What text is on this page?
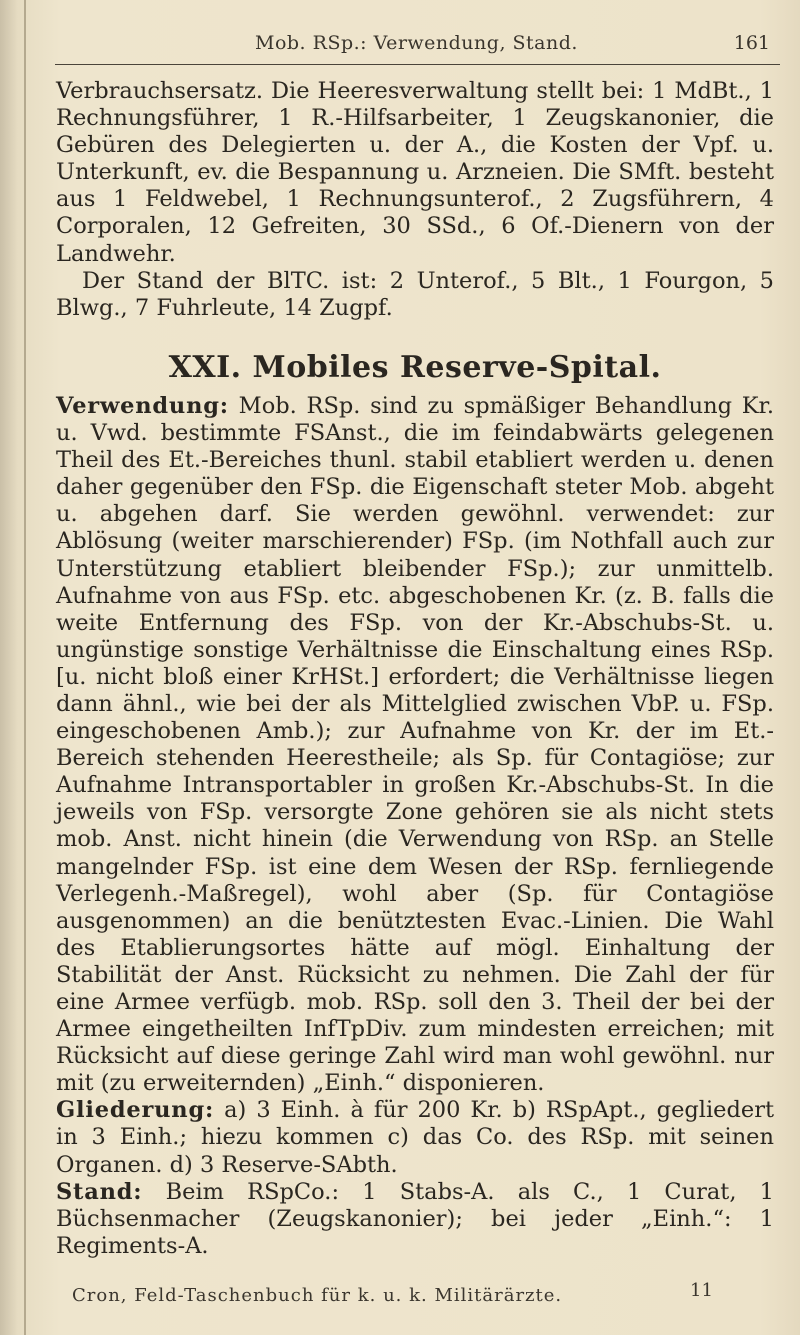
Mob. RSp.: Verwendung, Stand.	161

Verbrauchsersatz. Die Heeresverwaltung stellt bei: 1 MdBt., 1 Rechnungsführer, 1 R.-Hilfsarbeiter, 1 Zeugskanonier, die Gebüren des Delegierten u. der A., die Kosten der Vpf. u. Unterkunft, ev. die Bespannung u. Arzneien. Die SMft. besteht aus 1 Feldwebel, 1 Rechnungsunterof., 2 Zugsführern, 4 Corporalen, 12 Gefreiten, 30 SSd., 6 Of.-Dienern von der Landwehr.

Der Stand der BlTC. ist: 2 Unterof., 5 Blt., 1 Fourgon, 5 Blwg., 7 Fuhrleute, 14 Zugpf.

XXI. Mobiles Reserve-Spital.

Verwendung: Mob. RSp. sind zu spmäßiger Behandlung Kr. u. Vwd. bestimmte FSAnst., die im feindabwärts gelegenen Theil des Et.-Bereiches thunl. stabil etabliert werden u. denen daher gegenüber den FSp. die Eigenschaft steter Mob. abgeht u. abgehen darf. Sie werden gewöhnl. verwendet: zur Ablösung (weiter marschierender) FSp. (im Nothfall auch zur Unterstützung etabliert bleibender FSp.); zur unmittelb. Aufnahme von aus FSp. etc. abgeschobenen Kr. (z. B. falls die weite Entfernung des FSp. von der Kr.-Abschubs-St. u. ungünstige sonstige Verhältnisse die Einschaltung eines RSp. [u. nicht bloß einer KrHSt.] erfordert; die Verhältnisse liegen dann ähnl., wie bei der als Mittelglied zwischen VbP. u. FSp. eingeschobenen Amb.); zur Aufnahme von Kr. der im Et.-Bereich stehenden Heerestheile; als Sp. für Contagiöse; zur Aufnahme Intransportabler in großen Kr.-Abschubs-St. In die jeweils von FSp. versorgte Zone gehören sie als nicht stets mob. Anst. nicht hinein (die Verwendung von RSp. an Stelle mangelnder FSp. ist eine dem Wesen der RSp. fernliegende Verlegenh.-Maßregel), wohl aber (Sp. für Contagiöse ausgenommen) an die benütztesten Evac.-Linien. Die Wahl des Etablierungsortes hätte auf mögl. Einhaltung der Stabilität der Anst. Rücksicht zu nehmen. Die Zahl der für eine Armee verfügb. mob. RSp. soll den 3. Theil der bei der Armee eingetheilten InfTpDiv. zum mindesten erreichen; mit Rücksicht auf diese geringe Zahl wird man wohl gewöhnl. nur mit (zu erweiternden) „Einh.“ disponieren.

Gliederung: a) 3 Einh. à für 200 Kr. b) RSpApt., gegliedert in 3 Einh.; hiezu kommen c) das Co. des RSp. mit seinen Organen. d) 3 Reserve-SAbth.

Stand: Beim RSpCo.: 1 Stabs-A. als C., 1 Curat, 1 Büchsenmacher (Zeugskanonier); bei jeder „Einh.“: 1 Regiments-A.

Cron, Feld-Taschenbuch für k. u. k. Militärärzte.	11
